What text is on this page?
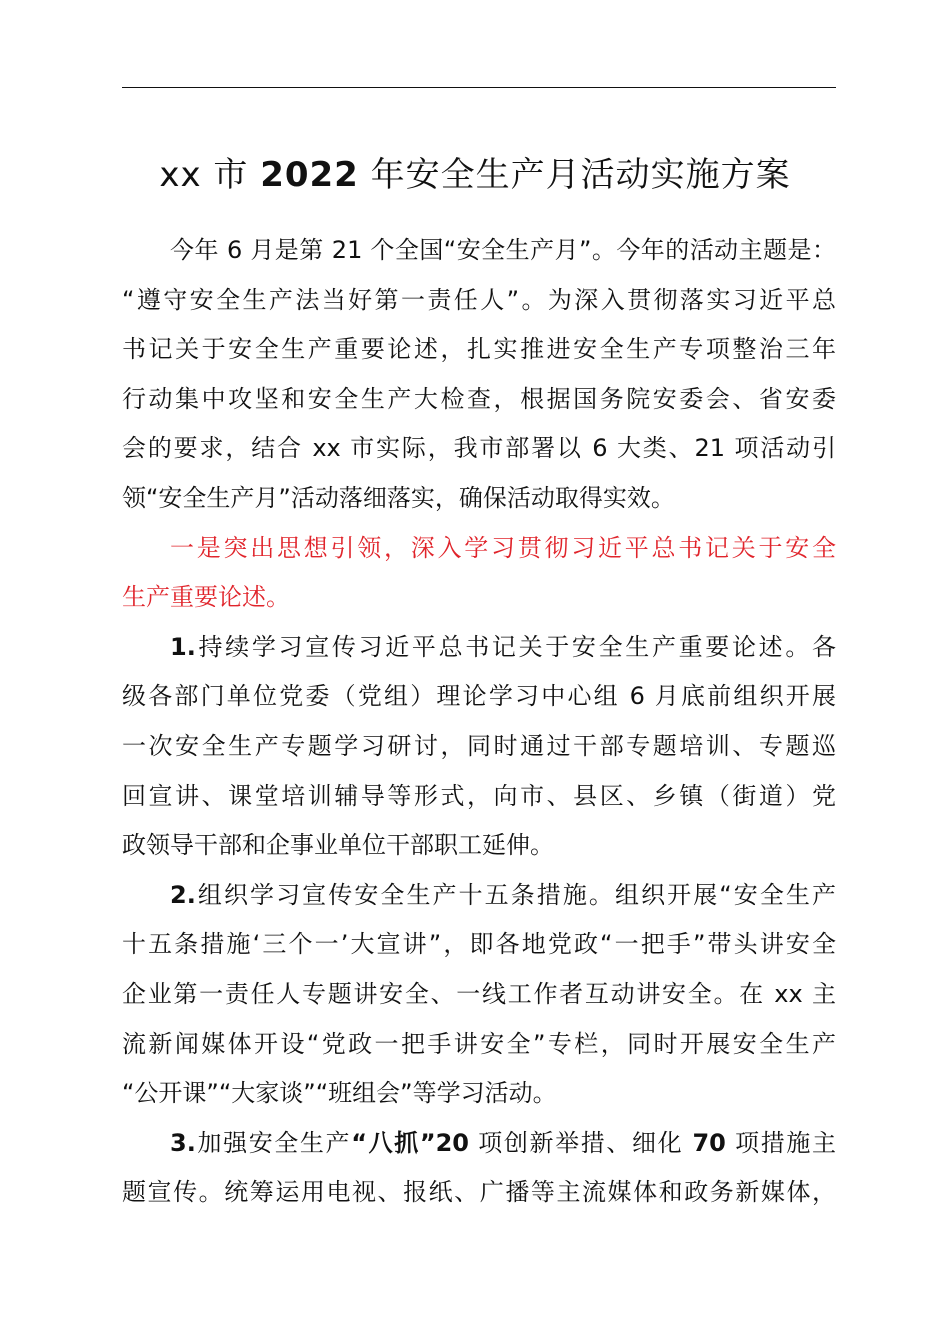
xx 市 2022 年安全生产月活动实施方案
今年 6 月是第 21 个全国“安全生产月”。今年的活动主题是：
“遵守安全生产法当好第一责任人”。为深入贯彻落实习近平总
书记关于安全生产重要论述，扎实推进安全生产专项整治三年
行动集中攻坚和安全生产大检查，根据国务院安委会、省安委
会的要求，结合 xx 市实际，我市部署以 6 大类、21 项活动引
领“安全生产月”活动落细落实，确保活动取得实效。
一是突出思想引领，深入学习贯彻习近平总书记关于安全
生产重要论述。
1.持续学习宣传习近平总书记关于安全生产重要论述。各
级各部门单位党委（党组）理论学习中心组 6 月底前组织开展
一次安全生产专题学习研讨，同时通过干部专题培训、专题巡
回宣讲、课堂培训辅导等形式，向市、县区、乡镇（街道）党
政领导干部和企事业单位干部职工延伸。
2.组织学习宣传安全生产十五条措施。组织开展“安全生产
十五条措施‘三个一’大宣讲”，即各地党政“一把手”带头讲安全
企业第一责任人专题讲安全、一线工作者互动讲安全。在 xx 主
流新闻媒体开设“党政一把手讲安全”专栏，同时开展安全生产
“公开课”“大家谈”“班组会”等学习活动。
3.加强安全生产“八抓”20 项创新举措、细化 70 项措施主
题宣传。统筹运用电视、报纸、广播等主流媒体和政务新媒体，
